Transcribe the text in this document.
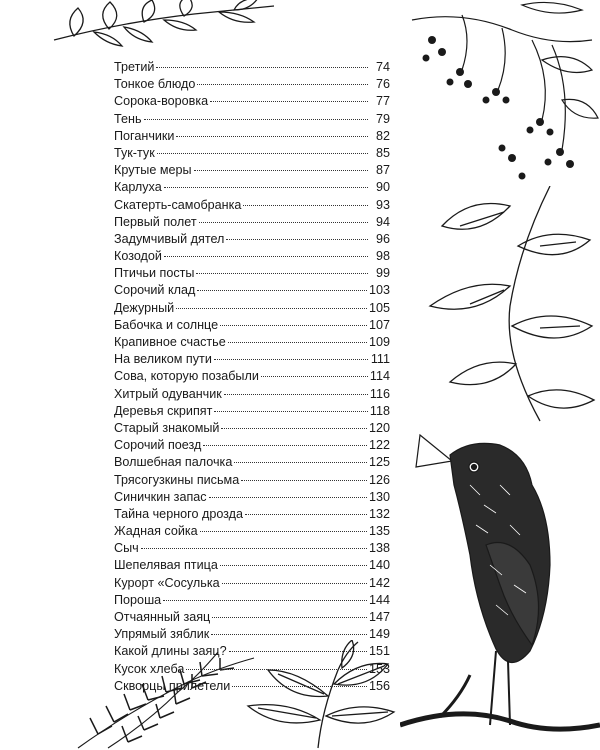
Третий	74
Тонкое блюдо	76
Сорока-воровка	77
Тень	79
Поганчики	82
Тук-тук	85
Крутые меры	87
Карлуха	90
Скатерть-самобранка	93
Первый полет	94
Задумчивый дятел	96
Козодой	98
Птичьи посты	99
Сорочий клад	103
Дежурный	105
Бабочка и солнце	107
Крапивное счастье	109
На великом пути	111
Сова, которую позабыли	114
Хитрый одуванчик	116
Деревья скрипят	118
Старый знакомый	120
Сорочий поезд	122
Волшебная палочка	125
Трясогузкины письма	126
Синичкин запас	130
Тайна черного дрозда	132
Жадная сойка	135
Сыч	138
Шепелявая птица	140
Курорт «Сосулька	142
Пороша	144
Отчаянный заяц	147
Упрямый зяблик	149
Какой длины заяц?	151
Кусок хлеба	153
Скворцы прилетели	156
